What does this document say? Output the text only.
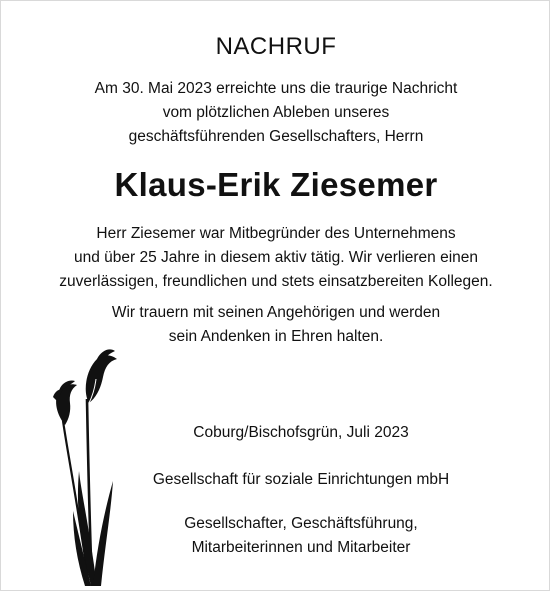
NACHRUF
Am 30. Mai 2023 erreichte uns die traurige Nachricht
vom plötzlichen Ableben unseres
geschäftsführenden Gesellschafters, Herrn
Klaus-Erik Ziesemer
Herr Ziesemer war Mitbegründer des Unternehmens
und über 25 Jahre in diesem aktiv tätig. Wir verlieren einen
zuverlässigen, freundlichen und stets einsatzbereiten Kollegen.
Wir trauern mit seinen Angehörigen und werden
sein Andenken in Ehren halten.
Coburg/Bischofsgrün, Juli 2023
Gesellschaft für soziale Einrichtungen mbH
Gesellschafter, Geschäftsführung,
Mitarbeiterinnen und Mitarbeiter
